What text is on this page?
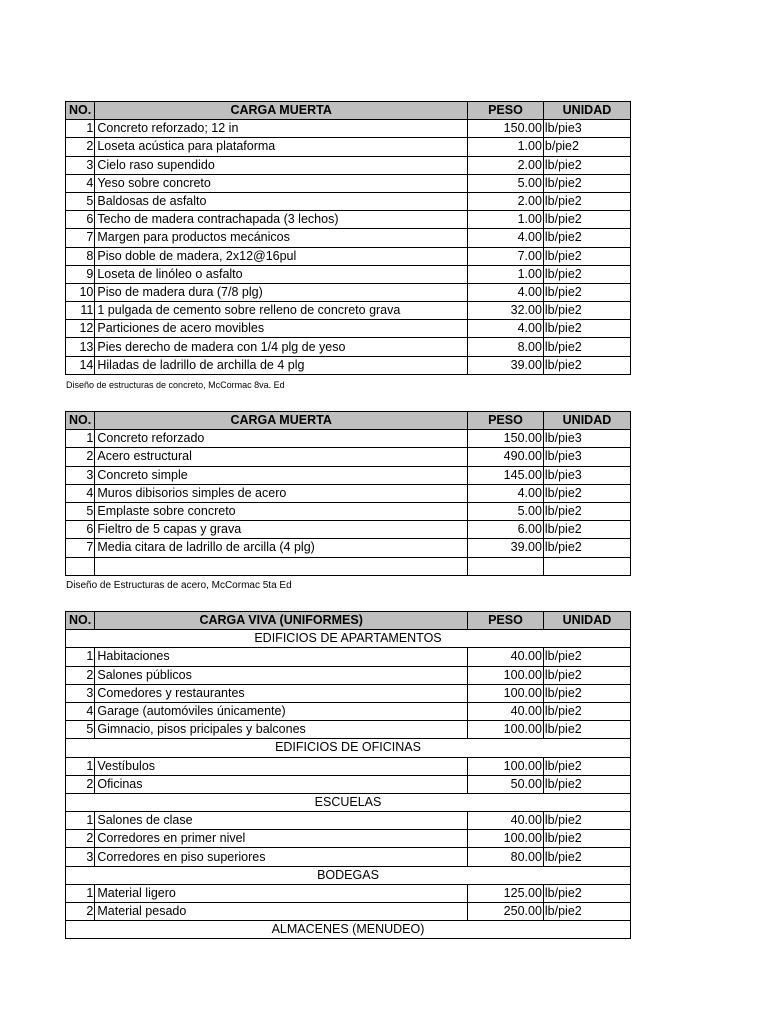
NO.	CARGA MUERTA	PESO	UNIDAD
1	Concreto reforzado; 12 in	150.00	lb/pie3
2	Loseta acústica para plataforma	1.00	b/pie2
3	Cielo raso supendido	2.00	lb/pie2
4	Yeso sobre concreto	5.00	lb/pie2
5	Baldosas de asfalto	2.00	lb/pie2
6	Techo de madera contrachapada (3 lechos)	1.00	lb/pie2
7	Margen para productos mecánicos	4.00	lb/pie2
8	Piso doble de madera, 2x12@16pul	7.00	lb/pie2
9	Loseta de linóleo o asfalto	1.00	lb/pie2
10	Piso de madera dura (7/8 plg)	4.00	lb/pie2
11	1 pulgada de cemento sobre relleno de concreto grava	32.00	lb/pie2
12	Particiones de acero movibles	4.00	lb/pie2
13	Pies derecho de madera con 1/4 plg de yeso	8.00	lb/pie2
14	Hiladas de ladrillo de archilla de 4 plg	39.00	lb/pie2
Diseño de estructuras de concreto, McCormac 8va. Ed
NO.	CARGA MUERTA	PESO	UNIDAD
1	Concreto reforzado	150.00	lb/pie3
2	Acero estructural	490.00	lb/pie3
3	Concreto simple	145.00	lb/pie3
4	Muros dibisorios simples de acero	4.00	lb/pie2
5	Emplaste sobre concreto	5.00	lb/pie2
6	Fieltro de 5 capas y grava	6.00	lb/pie2
7	Media citara de ladrillo de arcilla (4 plg)	39.00	lb/pie2

Diseño de Estructuras de acero, McCormac 5ta Ed
NO.	CARGA VIVA (UNIFORMES)	PESO	UNIDAD
EDIFICIOS DE APARTAMENTOS			
1	Habitaciones	40.00	lb/pie2
2	Salones públicos	100.00	lb/pie2
3	Comedores y restaurantes	100.00	lb/pie2
4	Garage (automóviles únicamente)	40.00	lb/pie2
5	Gimnacio, pisos pricipales y balcones	100.00	lb/pie2
EDIFICIOS DE OFICINAS			
1	Vestíbulos	100.00	lb/pie2
2	Oficinas	50.00	lb/pie2
ESCUELAS			
1	Salones de clase	40.00	lb/pie2
2	Corredores en primer nivel	100.00	lb/pie2
3	Corredores en piso superiores	80.00	lb/pie2
BODEGAS			
1	Material ligero	125.00	lb/pie2
2	Material pesado	250.00	lb/pie2
ALMACENES (MENUDEO)			
